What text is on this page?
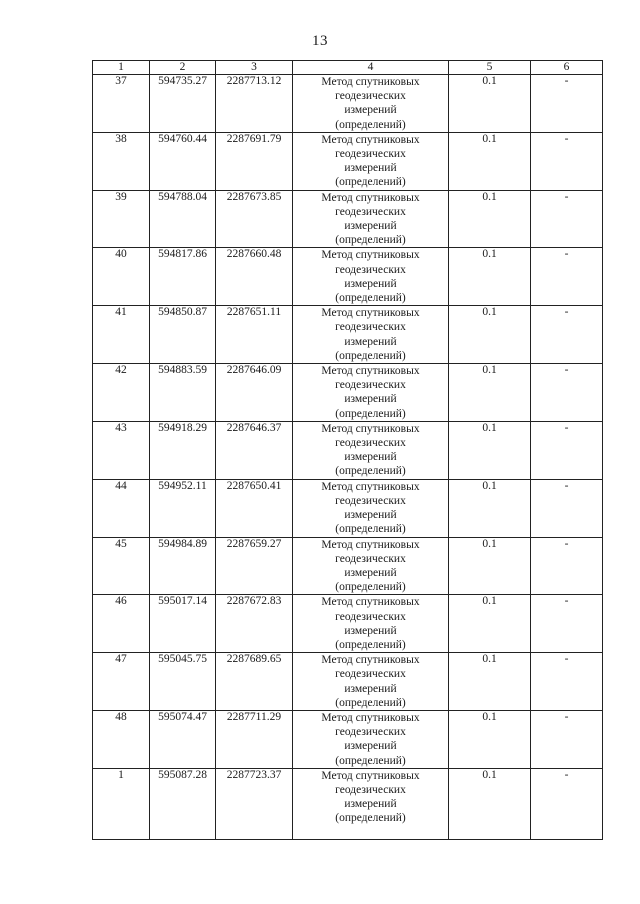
13
1	2	3	4	5	6
37	594735.27	2287713.12	Метод спутниковых
геодезических
измерений
(определений)	0.1	-
38	594760.44	2287691.79	Метод спутниковых
геодезических
измерений
(определений)	0.1	-
39	594788.04	2287673.85	Метод спутниковых
геодезических
измерений
(определений)	0.1	-
40	594817.86	2287660.48	Метод спутниковых
геодезических
измерений
(определений)	0.1	-
41	594850.87	2287651.11	Метод спутниковых
геодезических
измерений
(определений)	0.1	-
42	594883.59	2287646.09	Метод спутниковых
геодезических
измерений
(определений)	0.1	-
43	594918.29	2287646.37	Метод спутниковых
геодезических
измерений
(определений)	0.1	-
44	594952.11	2287650.41	Метод спутниковых
геодезических
измерений
(определений)	0.1	-
45	594984.89	2287659.27	Метод спутниковых
геодезических
измерений
(определений)	0.1	-
46	595017.14	2287672.83	Метод спутниковых
геодезических
измерений
(определений)	0.1	-
47	595045.75	2287689.65	Метод спутниковых
геодезических
измерений
(определений)	0.1	-
48	595074.47	2287711.29	Метод спутниковых
геодезических
измерений
(определений)	0.1	-
1	595087.28	2287723.37	Метод спутниковых
геодезических
измерений
(определений)	0.1	-
